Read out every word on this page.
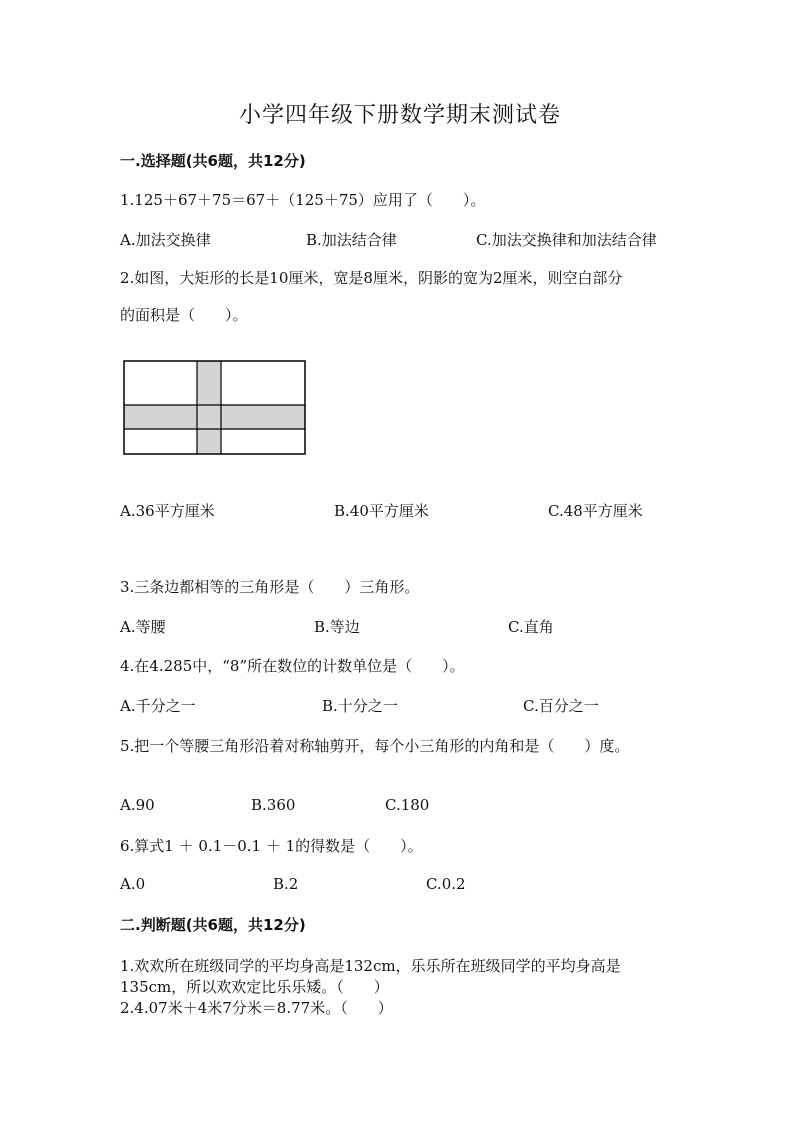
小学四年级下册数学期末测试卷
一.选择题(共6题，共12分)
1.125＋67＋75＝67＋（125＋75）应用了（　　）。
A.加法交换律	B.加法结合律	C.加法交换律和加法结合律
2.如图，大矩形的长是10厘米，宽是8厘米，阴影的宽为2厘米，则空白部分
的面积是（　　）。
A.36平方厘米	B.40平方厘米	C.48平方厘米
3.三条边都相等的三角形是（　　）三角形。
A.等腰	B.等边	C.直角
4.在4.285中，“8”所在数位的计数单位是（　　）。
A.千分之一	B.十分之一	C.百分之一
5.把一个等腰三角形沿着对称轴剪开，每个小三角形的内角和是（　　）度。
A.90	B.360	C.180
6.算式1 ＋ 0.1－0.1 ＋ 1的得数是（　　）。
A.0	B.2	C.0.2
二.判断题(共6题，共12分)
1.欢欢所在班级同学的平均身高是132cm，乐乐所在班级同学的平均身高是
135cm，所以欢欢定比乐乐矮。（　　）
2.4.07米＋4米7分米＝8.77米。（　　）
